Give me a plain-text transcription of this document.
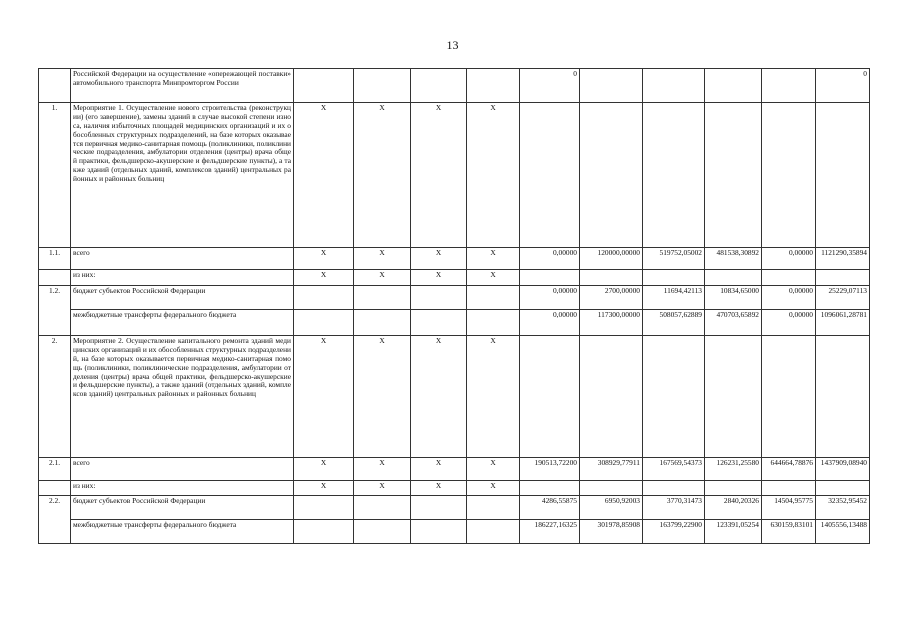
13
	Российской Федерации на осуществление «опережающей поставки» автомобильного транспорта Минпромторгом России					0					0
1.	Мероприятие 1. Осуществление нового строительства (реконструкции) (его завершение), замены зданий в случае высокой степени износа, наличия избыточных площадей медицинских организаций и их обособленных структурных подразделений, на базе которых оказывается первичная медико-санитарная помощь (поликлиники, поликлинические подразделения, амбулатории отделения (центры) врача общей практики, фельдшерско-акушерские и фельдшерские пункты), а также зданий (отдельных зданий, комплексов зданий) центральных районных и районных больниц	X	X	X	X						
1.1.	всего	X	X	X	X	0,00000	120000,00000	519752,05002	481538,30892	0,00000	1121290,35894
	из них:	X	X	X	X						
1.2.	бюджет субъектов Российской Федерации					0,00000	2700,00000	11694,42113	10834,65000	0,00000	25229,07113
	межбюджетные трансферты федерального бюджета					0,00000	117300,00000	508057,62889	470703,65892	0,00000	1096061,28781
2.	Мероприятие 2. Осуществление капитального ремонта зданий медицинских организаций и их обособленных структурных подразделений, на базе которых оказывается первичная медико-санитарная помощь (поликлиники, поликлинические подразделения, амбулатории отделения (центры) врача общей практики, фельдшерско-акушерские и фельдшерские пункты), а также зданий (отдельных зданий, комплексов зданий) центральных районных и районных больниц	X	X	X	X						
2.1.	всего	X	X	X	X	190513,72200	308929,77911	167569,54373	126231,25580	644664,78876	1437909,08940
	из них:	X	X	X	X						
2.2.	бюджет субъектов Российской Федерации					4286,55875	6950,92003	3770,31473	2840,20326	14504,95775	32352,95452
	межбюджетные трансферты федерального бюджета					186227,16325	301978,85908	163799,22900	123391,05254	630159,83101	1405556,13488
